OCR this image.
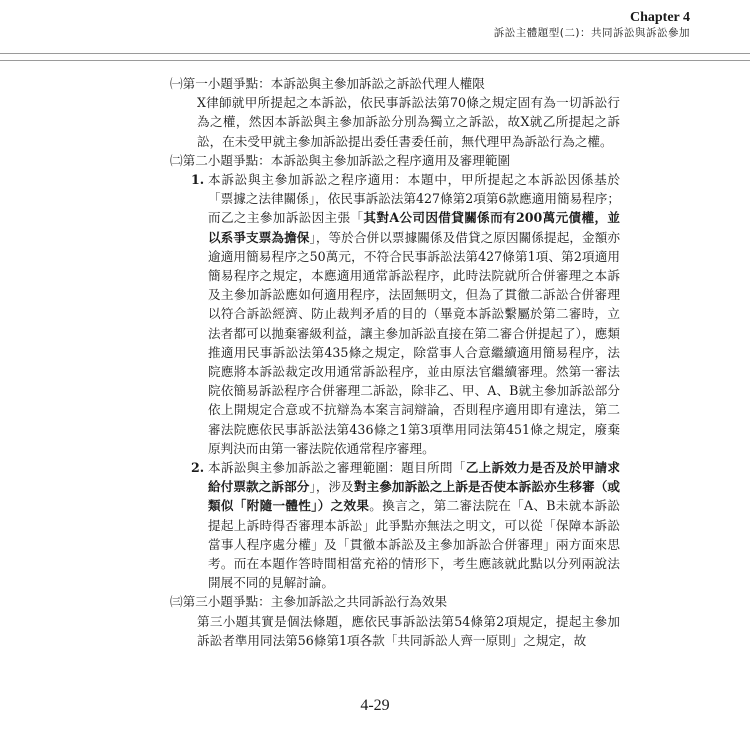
Chapter 4
訴訟主體題型(二)：共同訴訟與訴訟參加
㈠第一小題爭點： 本訴訟與主參加訴訟之訴訟代理人權限

X律師就甲所提起之本訴訟，依民事訴訟法第70條之規定固有為一切訴訟行為之權，然因本訴訟與主參加訴訟分別為獨立之訴訟，故X就乙所提起之訴訟，在未受甲就主參加訴訟提出委任書委任前，無代理甲為訴訟行為之權。

㈡第二小題爭點： 本訴訟與主參加訴訟之程序適用及審理範圍
1. 本訴訟與主參加訴訟之程序適用：本題中，甲所提起之本訴訟因係基於「票據之法律關係」，依民事訴訟法第427條第2項第6款應適用簡易程序；而乙之主參加訴訟因主張「其對A公司因借貸關係而有200萬元債權，並以系爭支票為擔保」，等於合併以票據關係及借貸之原因關係提起，金額亦逾適用簡易程序之50萬元，不符合民事訴訟法第427條第1項、第2項適用簡易程序之規定，本應適用通常訴訟程序，此時法院就所合併審理之本訴及主參加訴訟應如何適用程序，法固無明文，但為了貫徹二訴訟合併審理以符合訴訟經濟、防止裁判矛盾的目的（畢竟本訴訟繫屬於第二審時，立法者都可以拋棄審級利益，讓主參加訴訟直接在第二審合併提起了），應類推適用民事訴訟法第435條之規定，除當事人合意繼續適用簡易程序，法院應將本訴訟裁定改用通常訴訟程序，並由原法官繼續審理。然第一審法院依簡易訴訟程序合併審理二訴訟，除非乙、甲、A、B就主參加訴訟部分依上開規定合意或不抗辯為本案言詞辯論，否則程序適用即有違法，第二審法院應依民事訴訟法第436條之1第3項準用同法第451條之規定，廢棄原判決而由第一審法院依通常程序審理。
2. 本訴訟與主參加訴訟之審理範圍：題目所問「乙上訴效力是否及於甲請求給付票款之訴部分」，涉及對主參加訴訟之上訴是否使本訴訟亦生移審（或類似「附隨一體性」）之效果。換言之，第二審法院在「A、B未就本訴訟提起上訴時得否審理本訴訟」此爭點亦無法之明文，可以從「保障本訴訟當事人程序處分權」及「貫徹本訴訟及主參加訴訟合併審理」兩方面來思考。而在本題作答時間相當充裕的情形下，考生應該就此點以分列兩說法開展不同的見解討論。
㈢第三小題爭點： 主參加訴訟之共同訴訟行為效果

第三小題其實是個法條題，應依民事訴訟法第54條第2項規定，提起主參加訴訟者準用同法第56條第1項各款「共同訴訟人齊一原則」之規定，故

4-29
